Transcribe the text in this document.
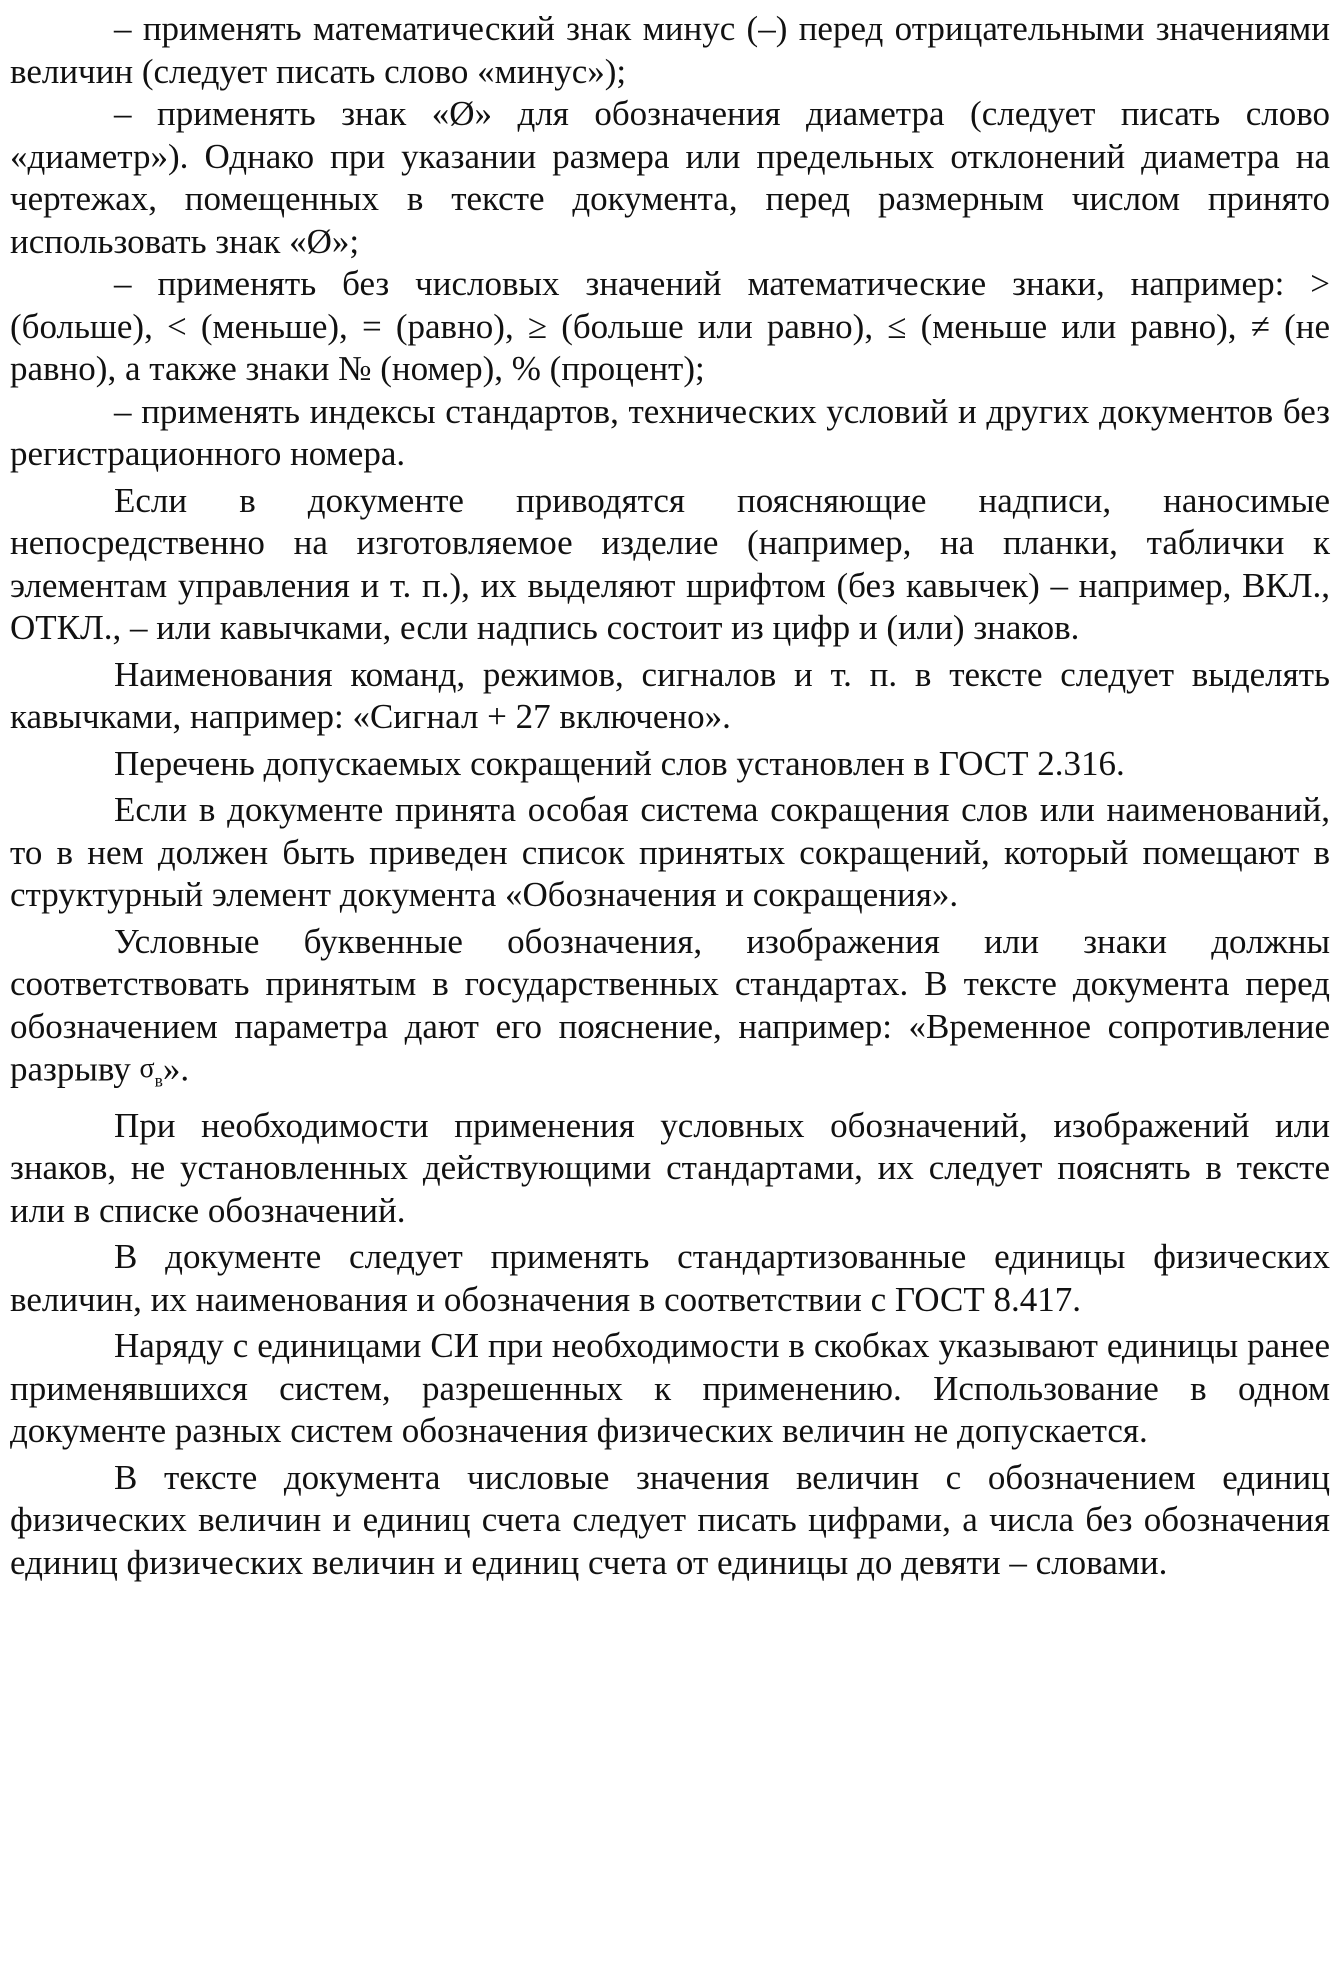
– применять математический знак минус (–) перед отрицательными значениями величин (следует писать слово «минус»);

– применять знак «Ø» для обозначения диаметра (следует писать слово «диаметр»). Однако при указании размера или предельных отклонений диаметра на чертежах, помещенных в тексте документа, перед размерным числом принято использовать знак «Ø»;

– применять без числовых значений математические знаки, например: > (больше), < (меньше), = (равно), ≥ (больше или равно), ≤ (меньше или равно), ≠ (не равно), а также знаки № (номер), % (процент);

– применять индексы стандартов, технических условий и других документов без регистрационного номера.

Если в документе приводятся поясняющие надписи, наносимые непосредственно на изготовляемое изделие (например, на планки, таблички к элементам управления и т. п.), их выделяют шрифтом (без кавычек) – например, ВКЛ., ОТКЛ., – или кавычками, если надпись состоит из цифр и (или) знаков.

Наименования команд, режимов, сигналов и т. п. в тексте следует выделять кавычками, например: «Сигнал + 27 включено».

Перечень допускаемых сокращений слов установлен в ГОСТ 2.316.

Если в документе принята особая система сокращения слов или наименований, то в нем должен быть приведен список принятых сокращений, который помещают в структурный элемент документа «Обозначения и сокращения».

Условные буквенные обозначения, изображения или знаки должны соответствовать принятым в государственных стандартах. В тексте документа перед обозначением параметра дают его пояснение, например: «Временное сопротивление разрыву $\sigma_в$».

При необходимости применения условных обозначений, изображений или знаков, не установленных действующими стандартами, их следует пояснять в тексте или в списке обозначений.

В документе следует применять стандартизованные единицы физических величин, их наименования и обозначения в соответствии с ГОСТ 8.417.

Наряду с единицами СИ при необходимости в скобках указывают единицы ранее применявшихся систем, разрешенных к применению. Использование в одном документе разных систем обозначения физических величин не допускается.

В тексте документа числовые значения величин с обозначением единиц физических величин и единиц счета следует писать цифрами, а числа без обозначения единиц физических величин и единиц счета от единицы до девяти – словами.
